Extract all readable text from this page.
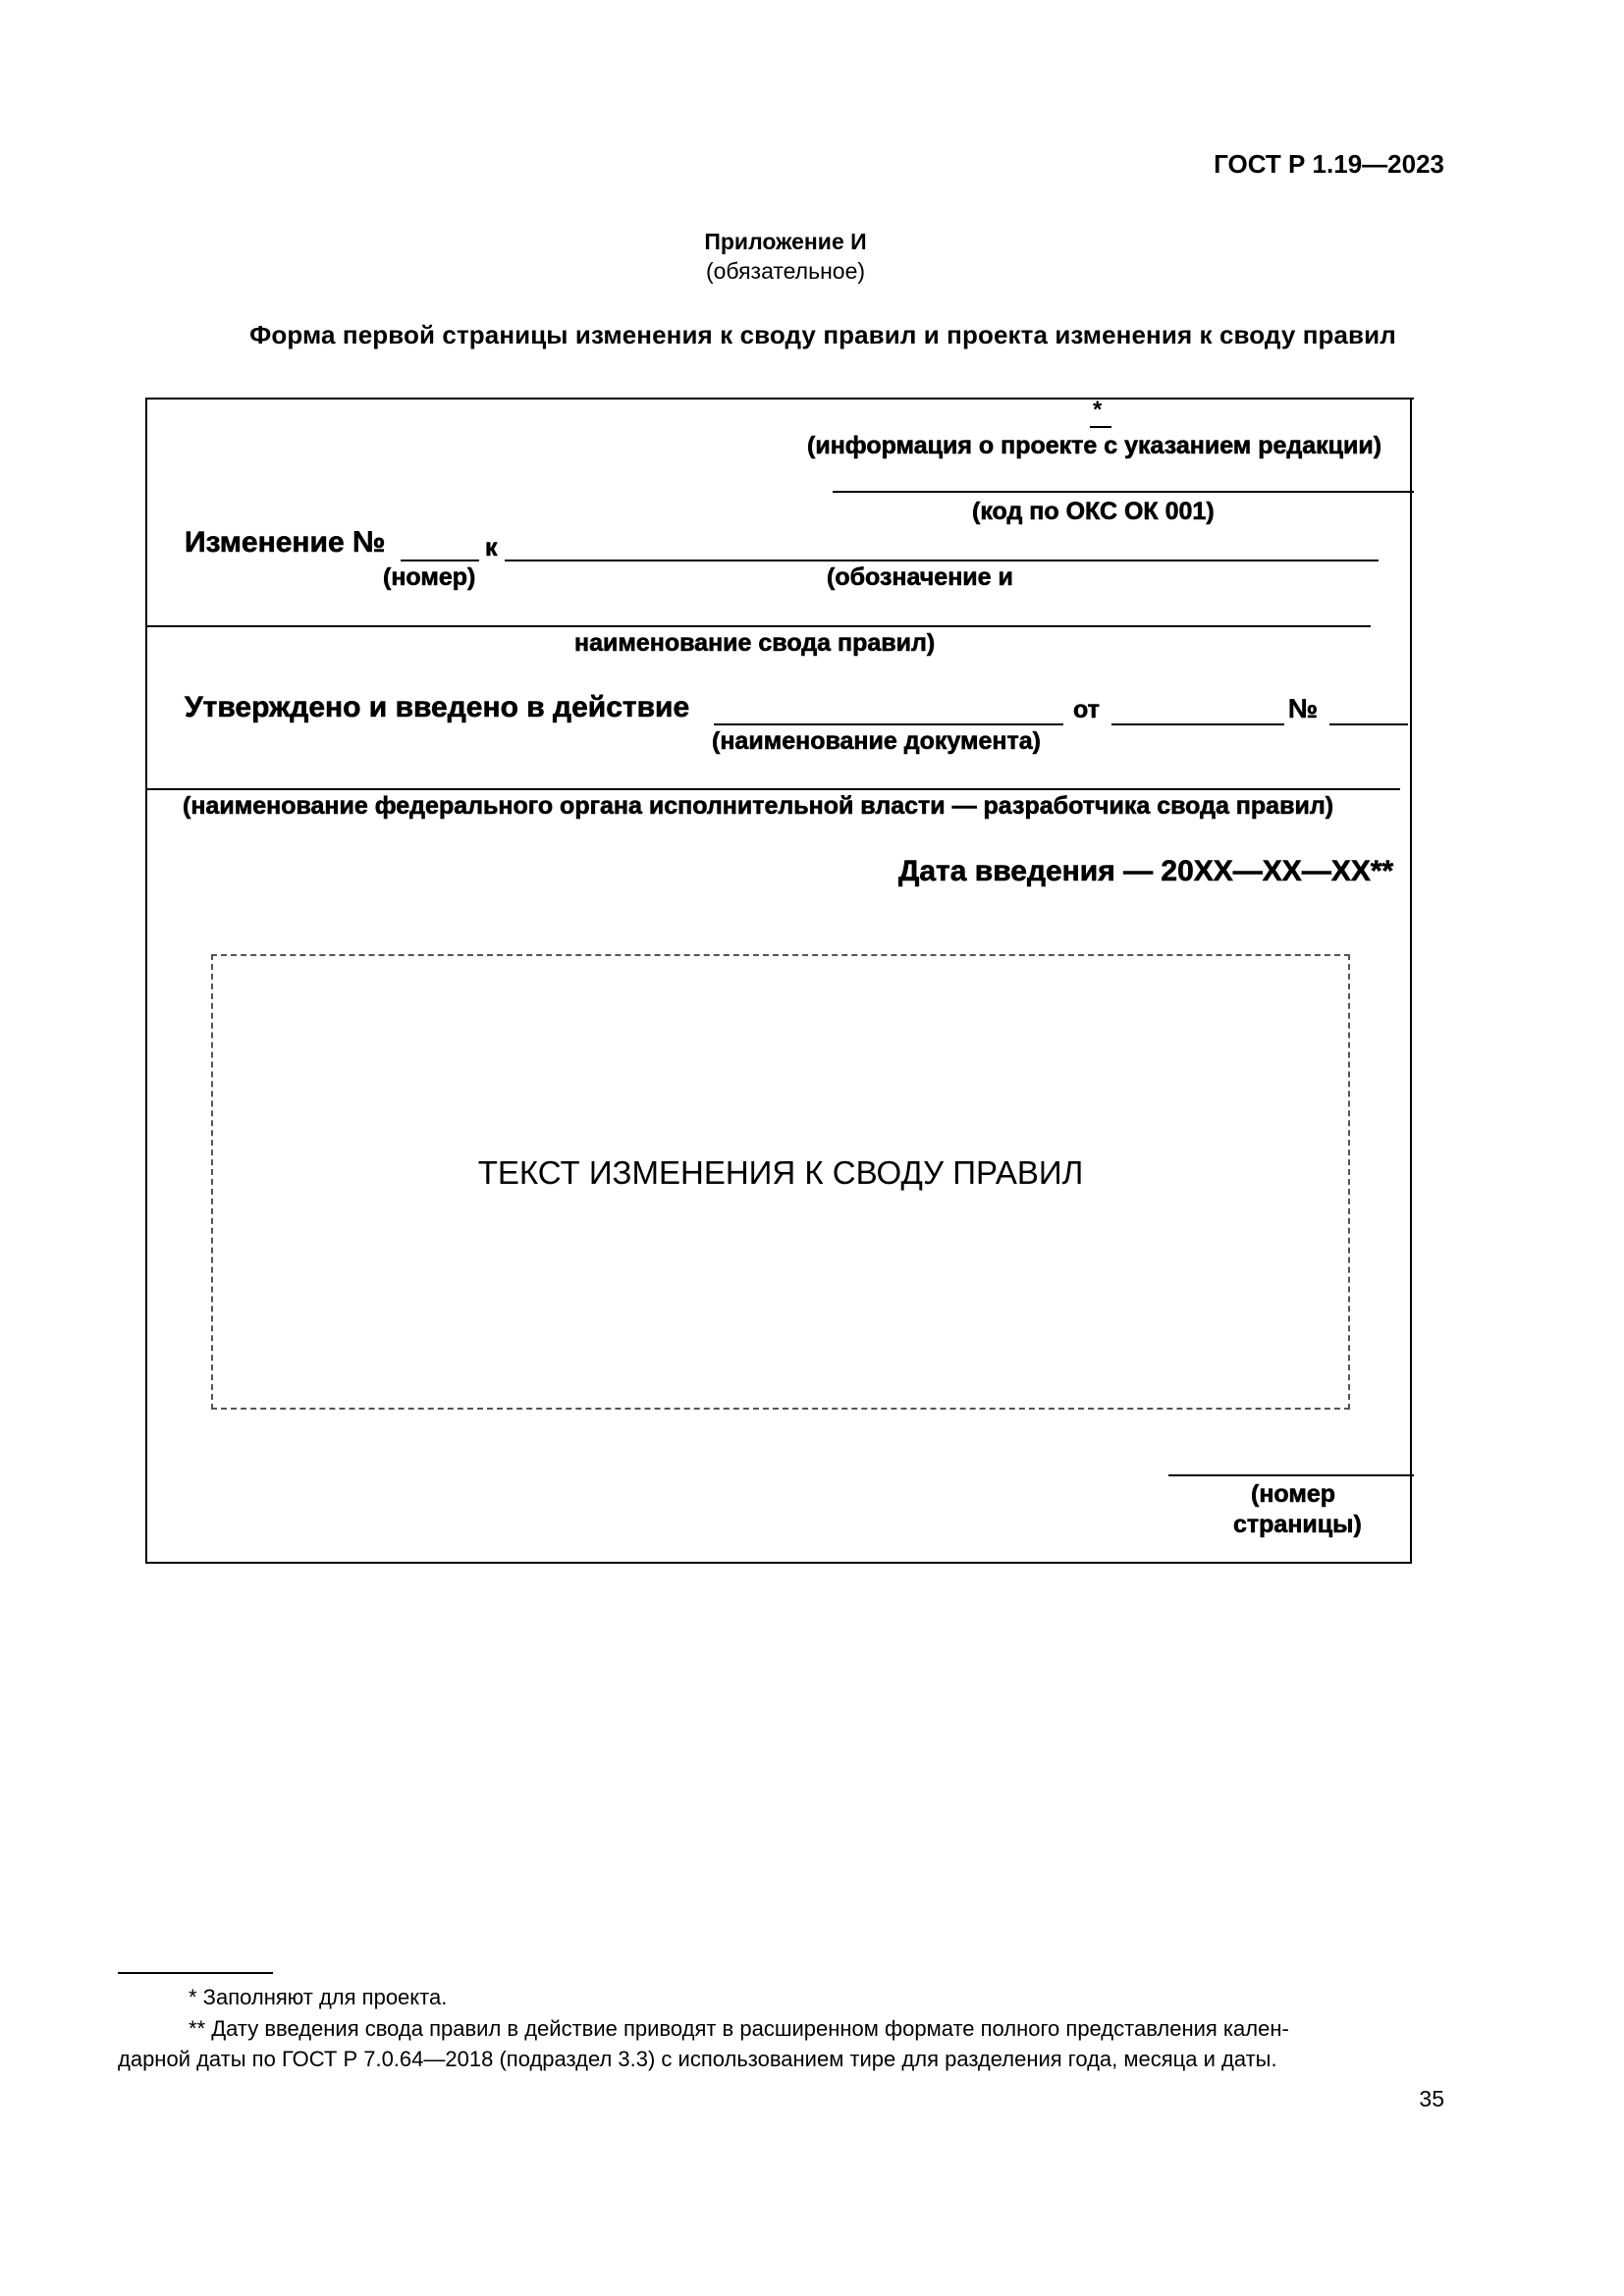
ГОСТ Р 1.19—2023
Приложение И
(обязательное)
Форма первой страницы изменения к своду правил и проекта изменения к своду правил
*
(информация о проекте с указанием редакции)
(код по ОКС ОК 001)
Изменение №	к
(номер)	(обозначение и
наименование свода правил)
Утверждено и введено в действие	от	№
(наименование документа)
(наименование федерального органа исполнительной власти — разработчика свода правил)
Дата введения — 20XX—XX—XX**
ТЕКСТ ИЗМЕНЕНИЯ К СВОДУ ПРАВИЛ
(номер
страницы)
* Заполняют для проекта.
** Дату введения свода правил в действие приводят в расширенном формате полного представления кален-
дарной даты по ГОСТ Р 7.0.64—2018 (подраздел 3.3) с использованием тире для разделения года, месяца и даты.
35
